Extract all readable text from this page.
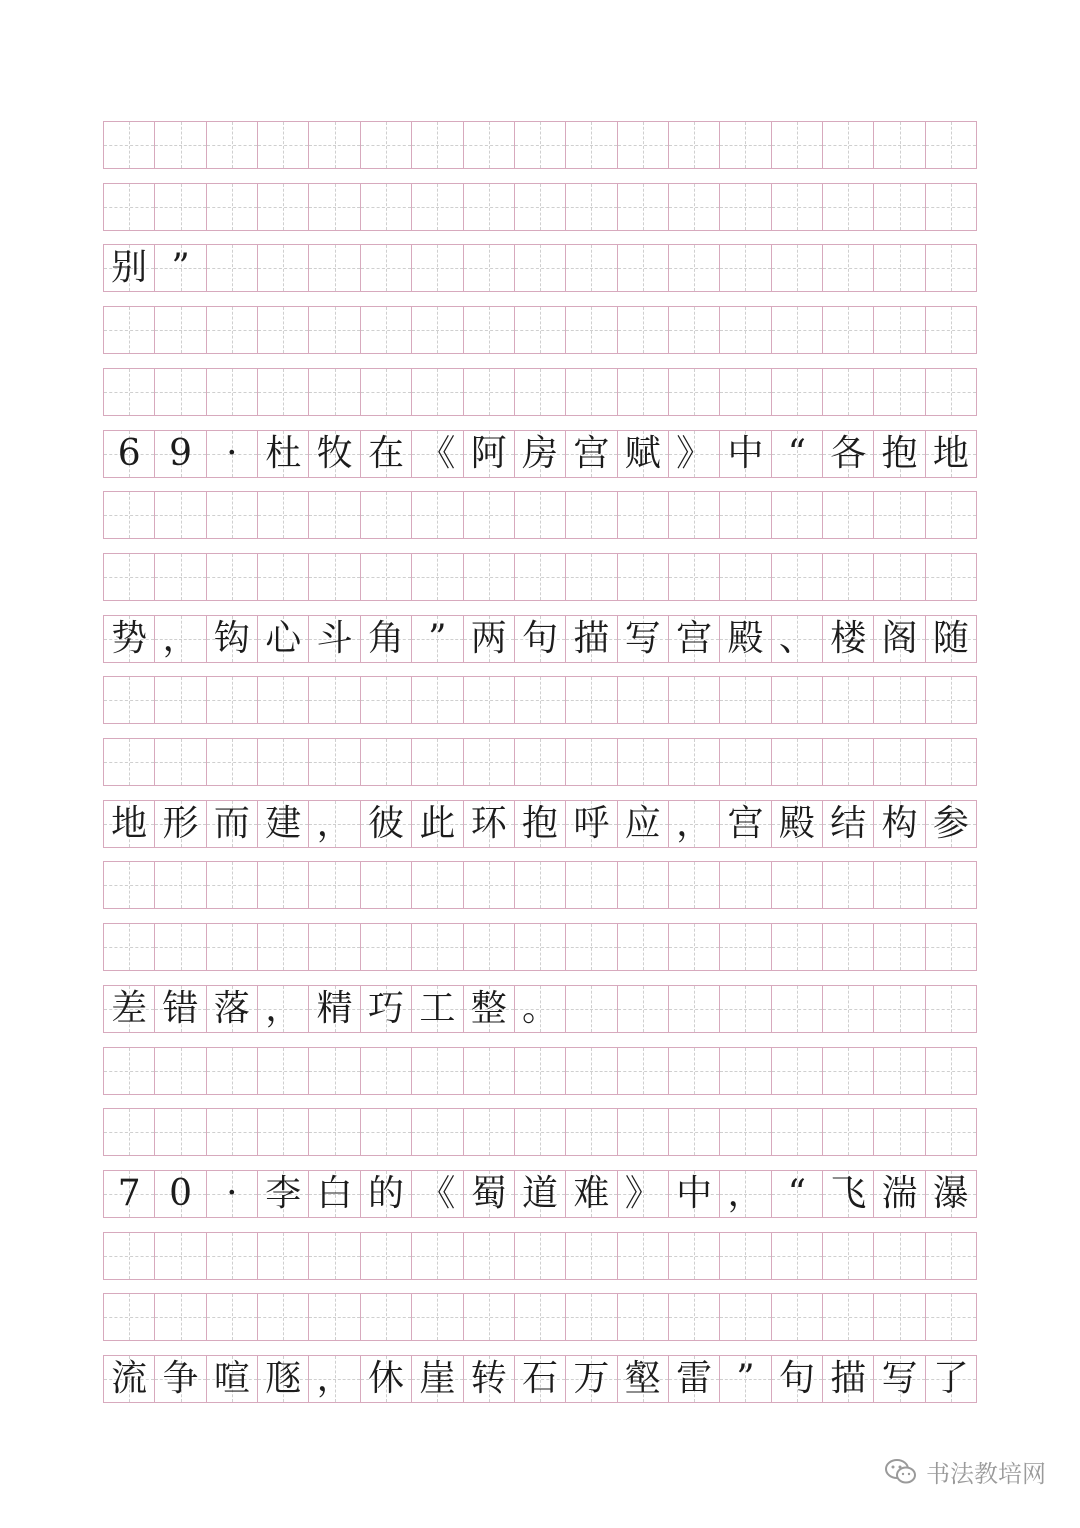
别 ”
6 9 · 杜 牧 在 《 阿 房 宫 赋 》 中 “ 各 抱 地
势 ， 钩 心 斗 角 ” 两 句 描 写 宫 殿 、 楼 阁 随
地 形 而 建 ， 彼 此 环 抱 呼 应 ， 宫 殿 结 构 参
差 错 落 ， 精 巧 工 整 。
7 0 · 李 白 的 《 蜀 道 难 》 中 ， “ 飞 湍 瀑
流 争 喧 豗 ， 休 崖 转 石 万 壑 雷 ” 句 描 写 了
书法教培网
